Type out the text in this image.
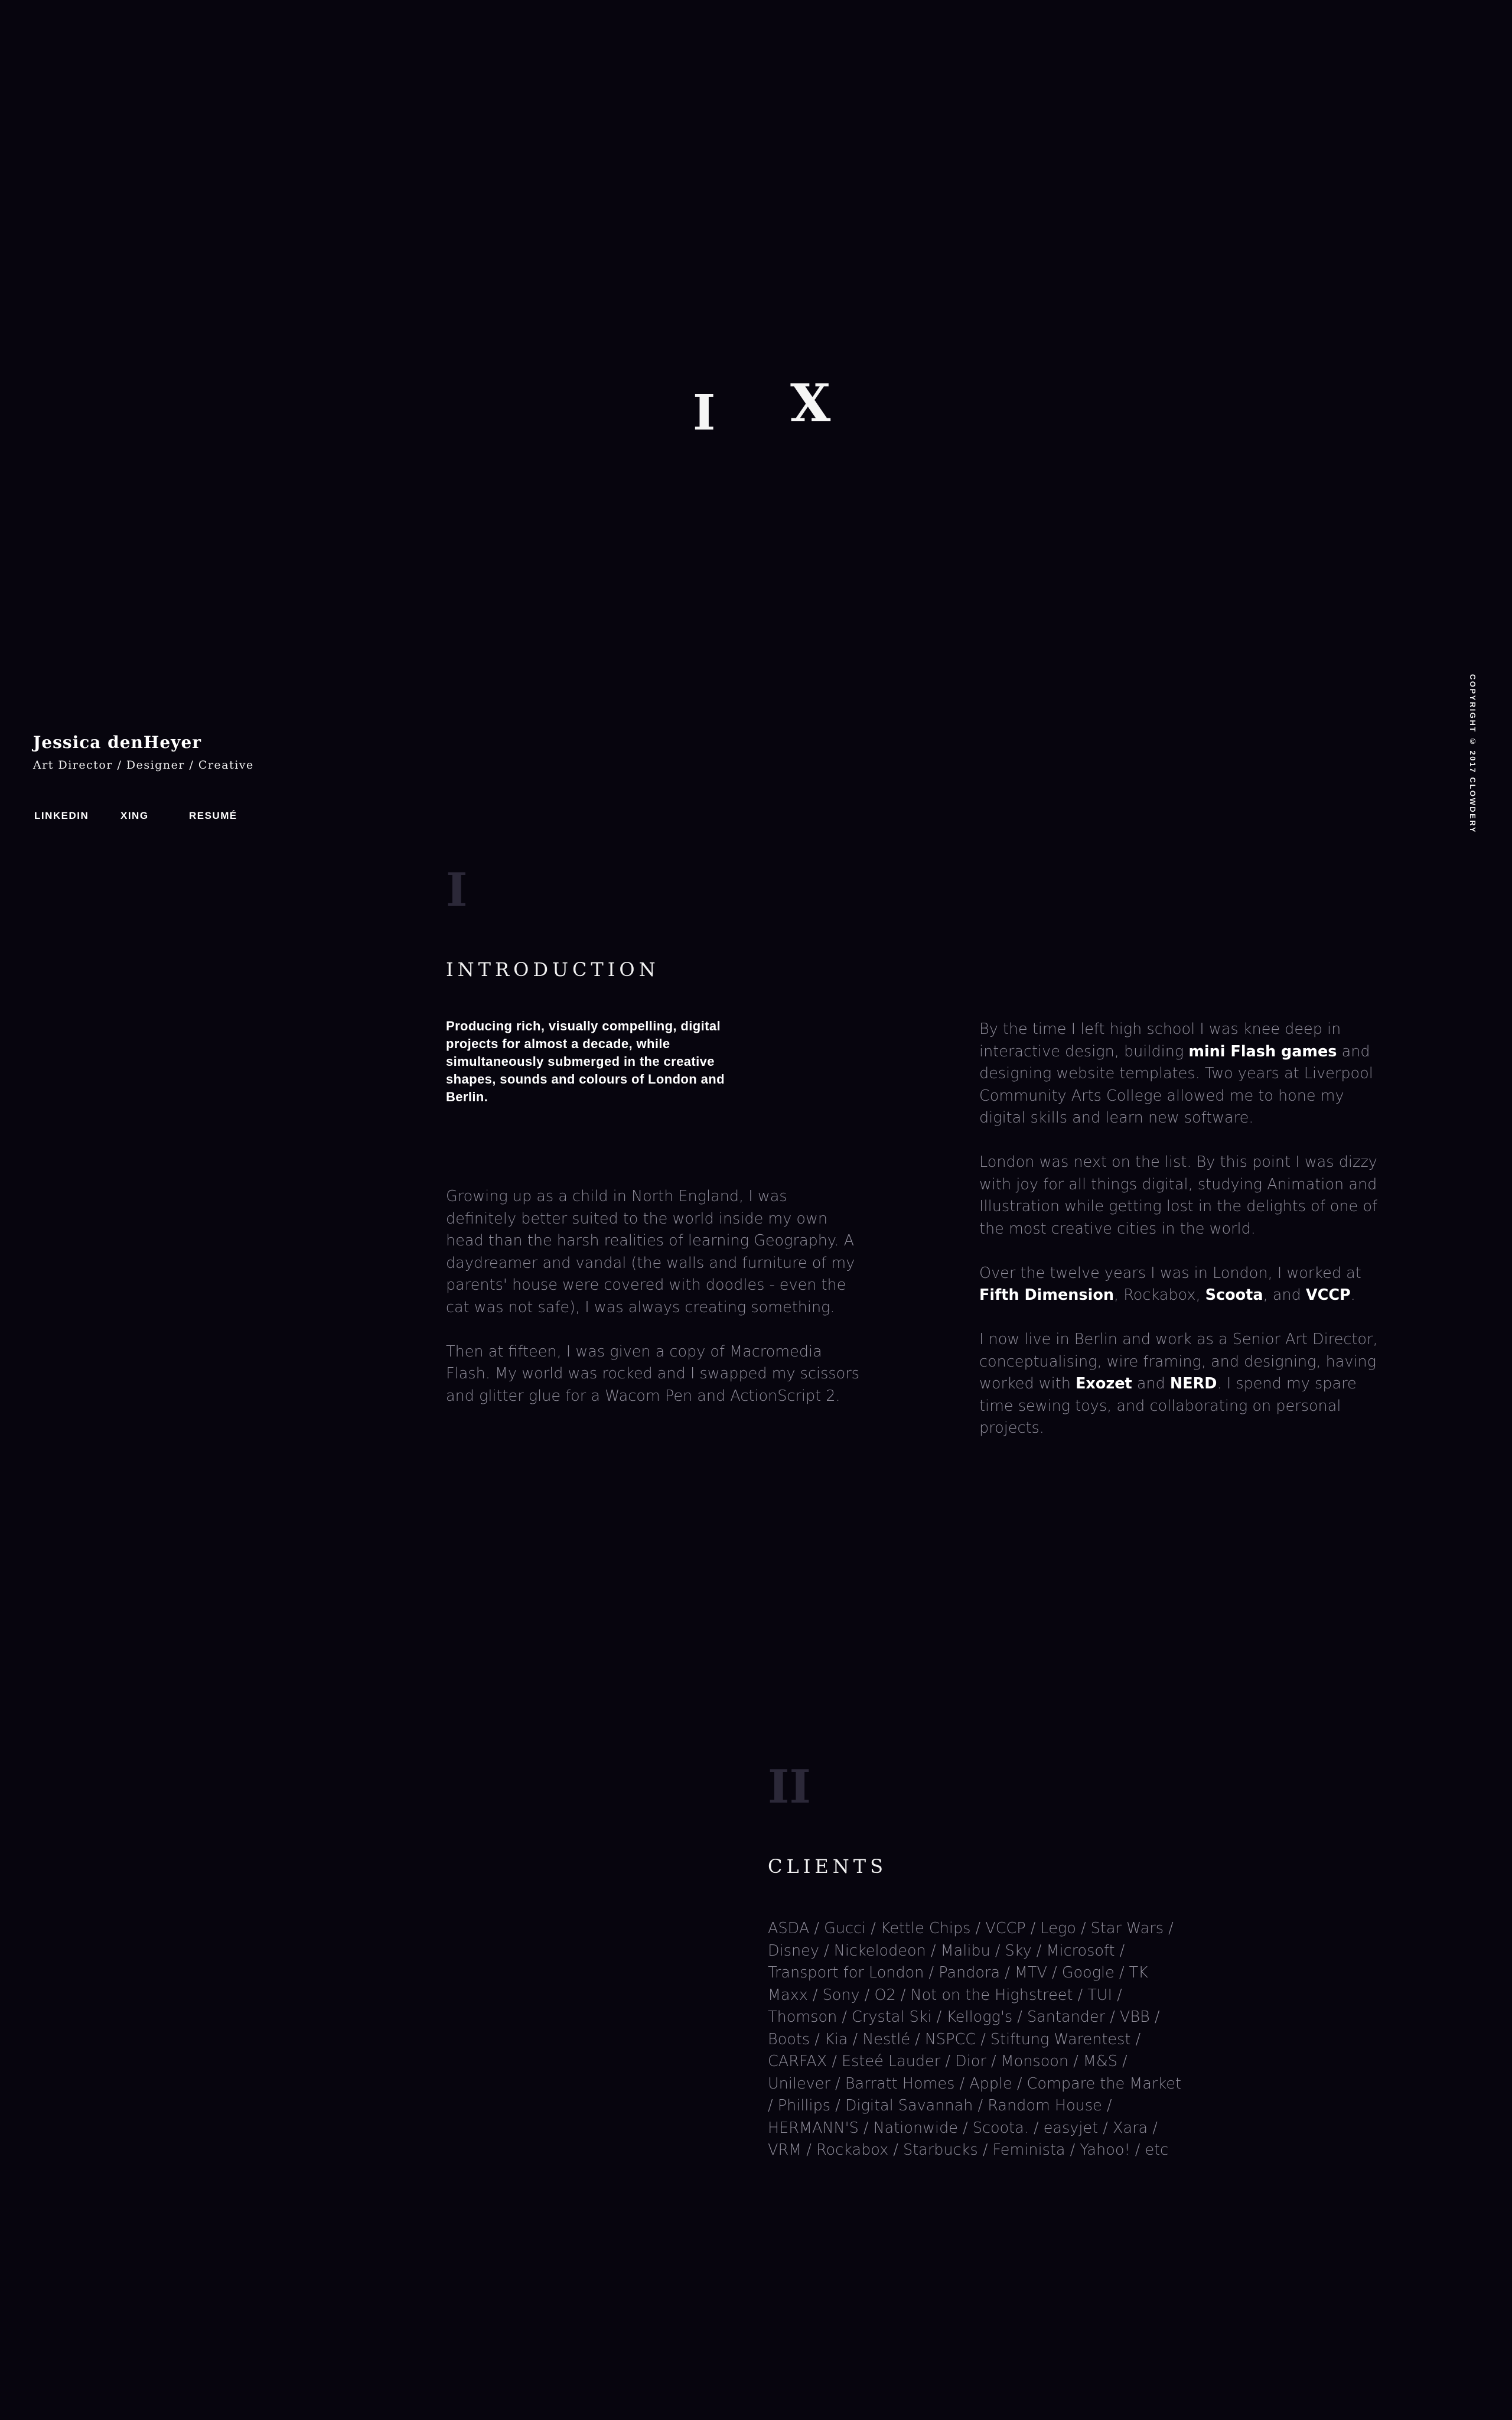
I X
Jessica denHeyer
Art Director / Designer / Creative
LINKEDIN	XING	RESUMÉ	COPYRIGHT © 2017 CLOWDERY
I
INTRODUCTION
Producing rich, visually compelling, digital projects for almost a decade, while simultaneously submerged in the creative shapes, sounds and colours of London and Berlin.

Growing up as a child in North England, I was definitely better suited to the world inside my own head than the harsh realities of learning Geography. A daydreamer and vandal (the walls and furniture of my parents' house were covered with doodles - even the cat was not safe), I was always creating something.

Then at fifteen, I was given a copy of Macromedia Flash. My world was rocked and I swapped my scissors and glitter glue for a Wacom Pen and ActionScript 2.

By the time I left high school I was knee deep in interactive design, building mini Flash games and designing website templates. Two years at Liverpool Community Arts College allowed me to hone my digital skills and learn new software.

London was next on the list. By this point I was dizzy with joy for all things digital, studying Animation and Illustration while getting lost in the delights of one of the most creative cities in the world.

Over the twelve years I was in London, I worked at Fifth Dimension, Rockabox, Scoota, and VCCP.

I now live in Berlin and work as a Senior Art Director, conceptualising, wire framing, and designing, having worked with Exozet and NERD. I spend my spare time sewing toys, and collaborating on personal projects.

II
CLIENTS
ASDA / Gucci / Kettle Chips / VCCP / Lego / Star Wars / Disney / Nickelodeon / Malibu / Sky / Microsoft / Transport for London / Pandora / MTV / Google / TK Maxx / Sony / O2 / Not on the Highstreet / TUI / Thomson / Crystal Ski / Kellogg's / Santander / VBB / Boots / Kia / Nestlé / NSPCC / Stiftung Warentest / CARFAX / Esteé Lauder / Dior / Monsoon / M&S / Unilever / Barratt Homes / Apple / Compare the Market / Phillips / Digital Savannah / Random House / HERMANN'S / Nationwide / Scoota. / easyjet / Xara / VRM / Rockabox / Starbucks / Feminista / Yahoo! / etc
